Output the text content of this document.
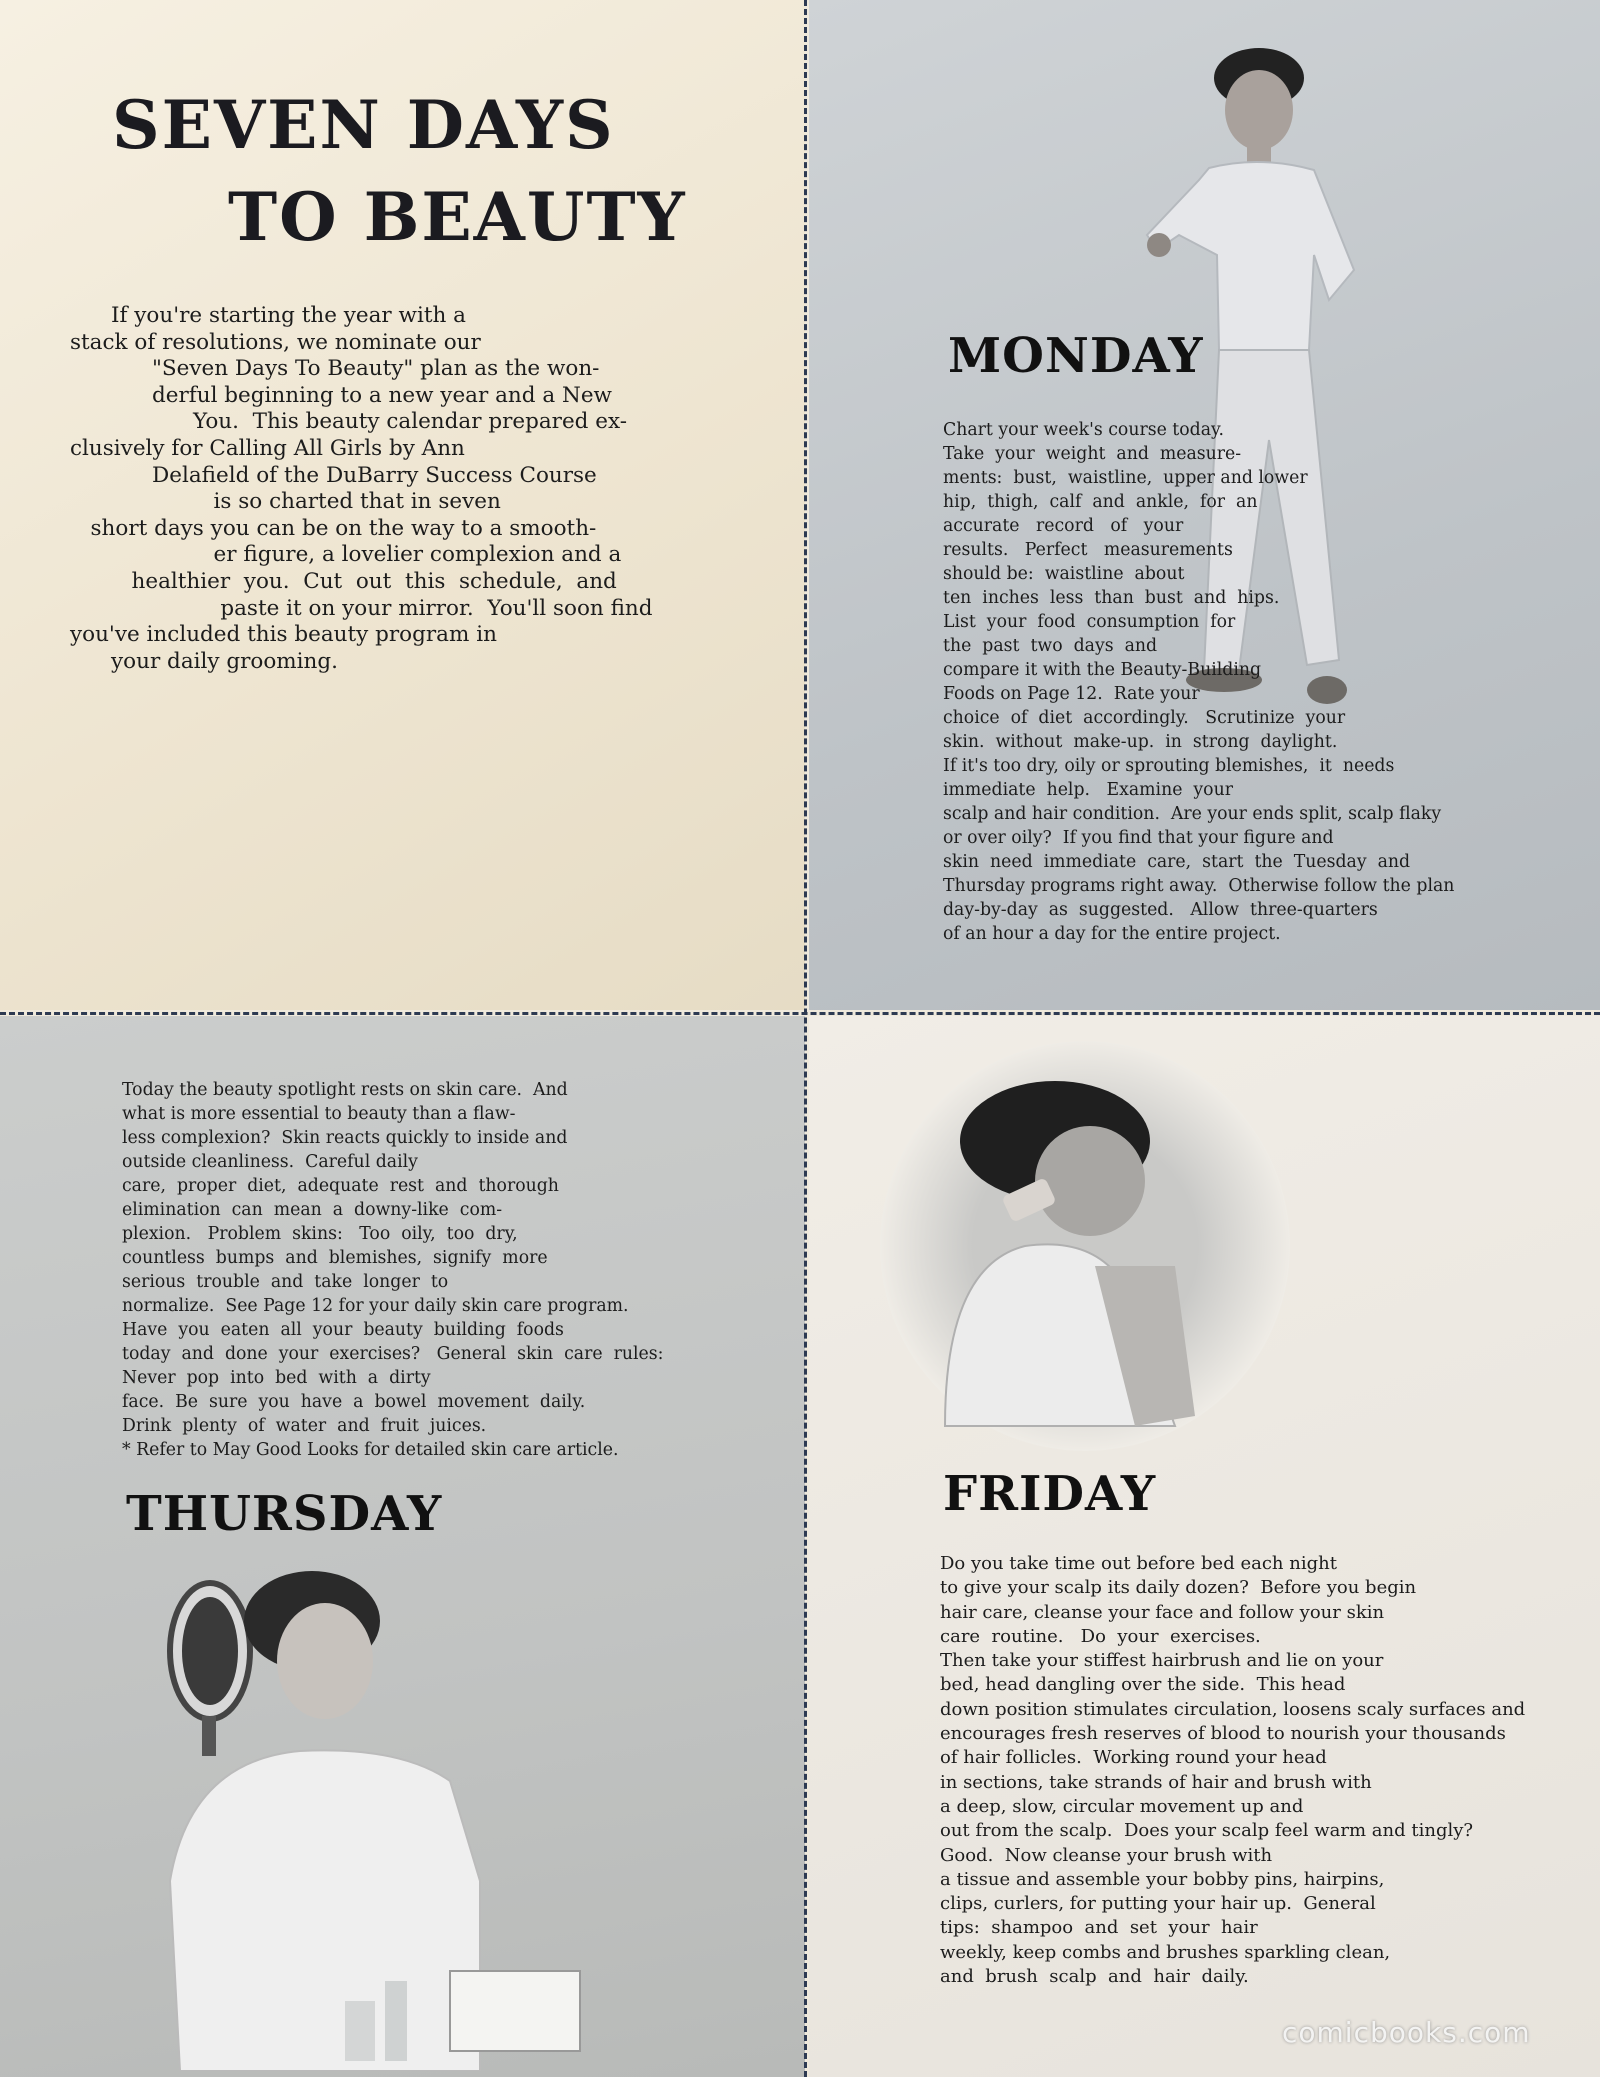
SEVEN DAYS
TO BEAUTY

If you're starting the year with a
stack of resolutions, we nominate our
"Seven Days To Beauty" plan as the won-
derful beginning to a new year and a New
You.  This beauty calendar prepared ex-
clusively for Calling All Girls by Ann
Delafield of the DuBarry Success Course
is so charted that in seven
short days you can be on the way to a smooth-
er figure, a lovelier complexion and a
healthier  you.  Cut  out  this  schedule,  and
paste it on your mirror.  You'll soon find
you've included this beauty program in
your daily grooming.

MONDAY

Chart your week's course today.
Take  your  weight  and  measure-
ments:  bust,  waistline,  upper and lower
hip,  thigh,  calf  and  ankle,  for  an
accurate   record   of   your
results.   Perfect   measurements
should be:  waistline  about
ten  inches  less  than  bust  and  hips.
List  your  food  consumption  for
the  past  two  days  and
compare it with the Beauty-Building
Foods on Page 12.  Rate your
choice  of  diet  accordingly.   Scrutinize  your
skin.  without  make-up.  in  strong  daylight.
If it's too dry, oily or sprouting blemishes,  it  needs
immediate  help.   Examine  your
scalp and hair condition.  Are your ends split, scalp flaky
or over oily?  If you find that your figure and
skin  need  immediate  care,  start  the  Tuesday  and
Thursday programs right away.  Otherwise follow the plan
day-by-day  as  suggested.   Allow  three-quarters
of an hour a day for the entire project.

Today the beauty spotlight rests on skin care.  And
what is more essential to beauty than a flaw-
less complexion?  Skin reacts quickly to inside and
outside cleanliness.  Careful daily
care,  proper  diet,  adequate  rest  and  thorough
elimination  can  mean  a  downy-like  com-
plexion.   Problem  skins:   Too  oily,  too  dry,
countless  bumps  and  blemishes,  signify  more
serious  trouble  and  take  longer  to
normalize.  See Page 12 for your daily skin care program.
Have  you  eaten  all  your  beauty  building  foods
today  and  done  your  exercises?   General  skin  care  rules:
Never  pop  into  bed  with  a  dirty
face.  Be  sure  you  have  a  bowel  movement  daily.
Drink  plenty  of  water  and  fruit  juices.
* Refer to May Good Looks for detailed skin care article.

THURSDAY	FRIDAY

Do you take time out before bed each night
to give your scalp its daily dozen?  Before you begin
hair care, cleanse your face and follow your skin
care  routine.   Do  your  exercises.
Then take your stiffest hairbrush and lie on your
bed, head dangling over the side.  This head
down position stimulates circulation, loosens scaly surfaces and
encourages fresh reserves of blood to nourish your thousands
of hair follicles.  Working round your head
in sections, take strands of hair and brush with
a deep, slow, circular movement up and
out from the scalp.  Does your scalp feel warm and tingly?
Good.  Now cleanse your brush with
a tissue and assemble your bobby pins, hairpins,
clips, curlers, for putting your hair up.  General
tips:  shampoo  and  set  your  hair
weekly, keep combs and brushes sparkling clean,
and  brush  scalp  and  hair  daily.

comicbooks.com
